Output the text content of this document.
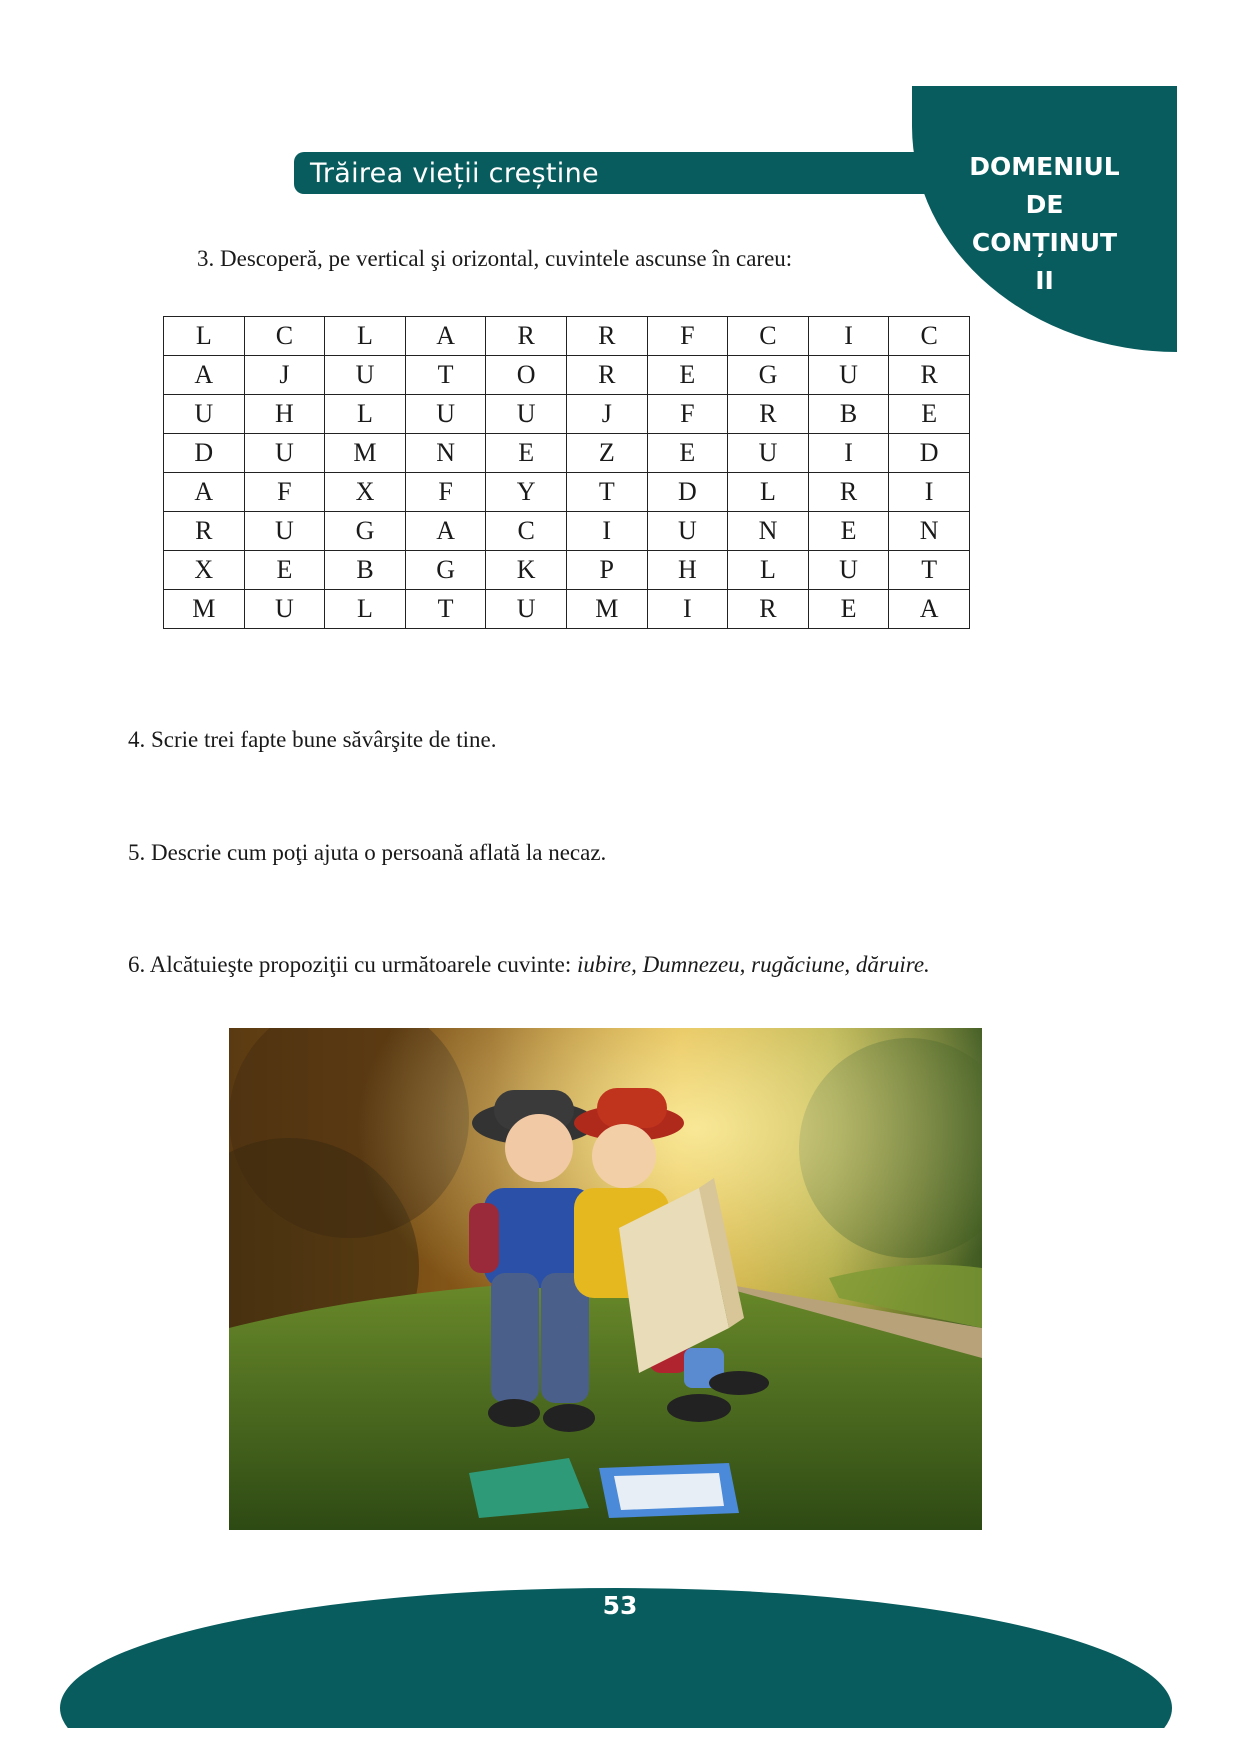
Trăirea vieții creștine	DOMENIUL
DE
CONȚINUT
II
3. Descoperă, pe vertical şi orizontal, cuvintele ascunse în careu:
L	C	L	A	R	R	F	C	I	C
A	J	U	T	O	R	E	G	U	R
U	H	L	U	U	J	F	R	B	E
D	U	M	N	E	Z	E	U	I	D
A	F	X	F	Y	T	D	L	R	I
R	U	G	A	C	I	U	N	E	N
X	E	B	G	K	P	H	L	U	T
M	U	L	T	U	M	I	R	E	A
4. Scrie trei fapte bune săvârşite de tine.
5. Descrie cum poţi ajuta o persoană aflată la necaz.
6. Alcătuieşte propoziţii cu următoarele cuvinte: iubire, Dumnezeu, rugăciune, dăruire.
53
